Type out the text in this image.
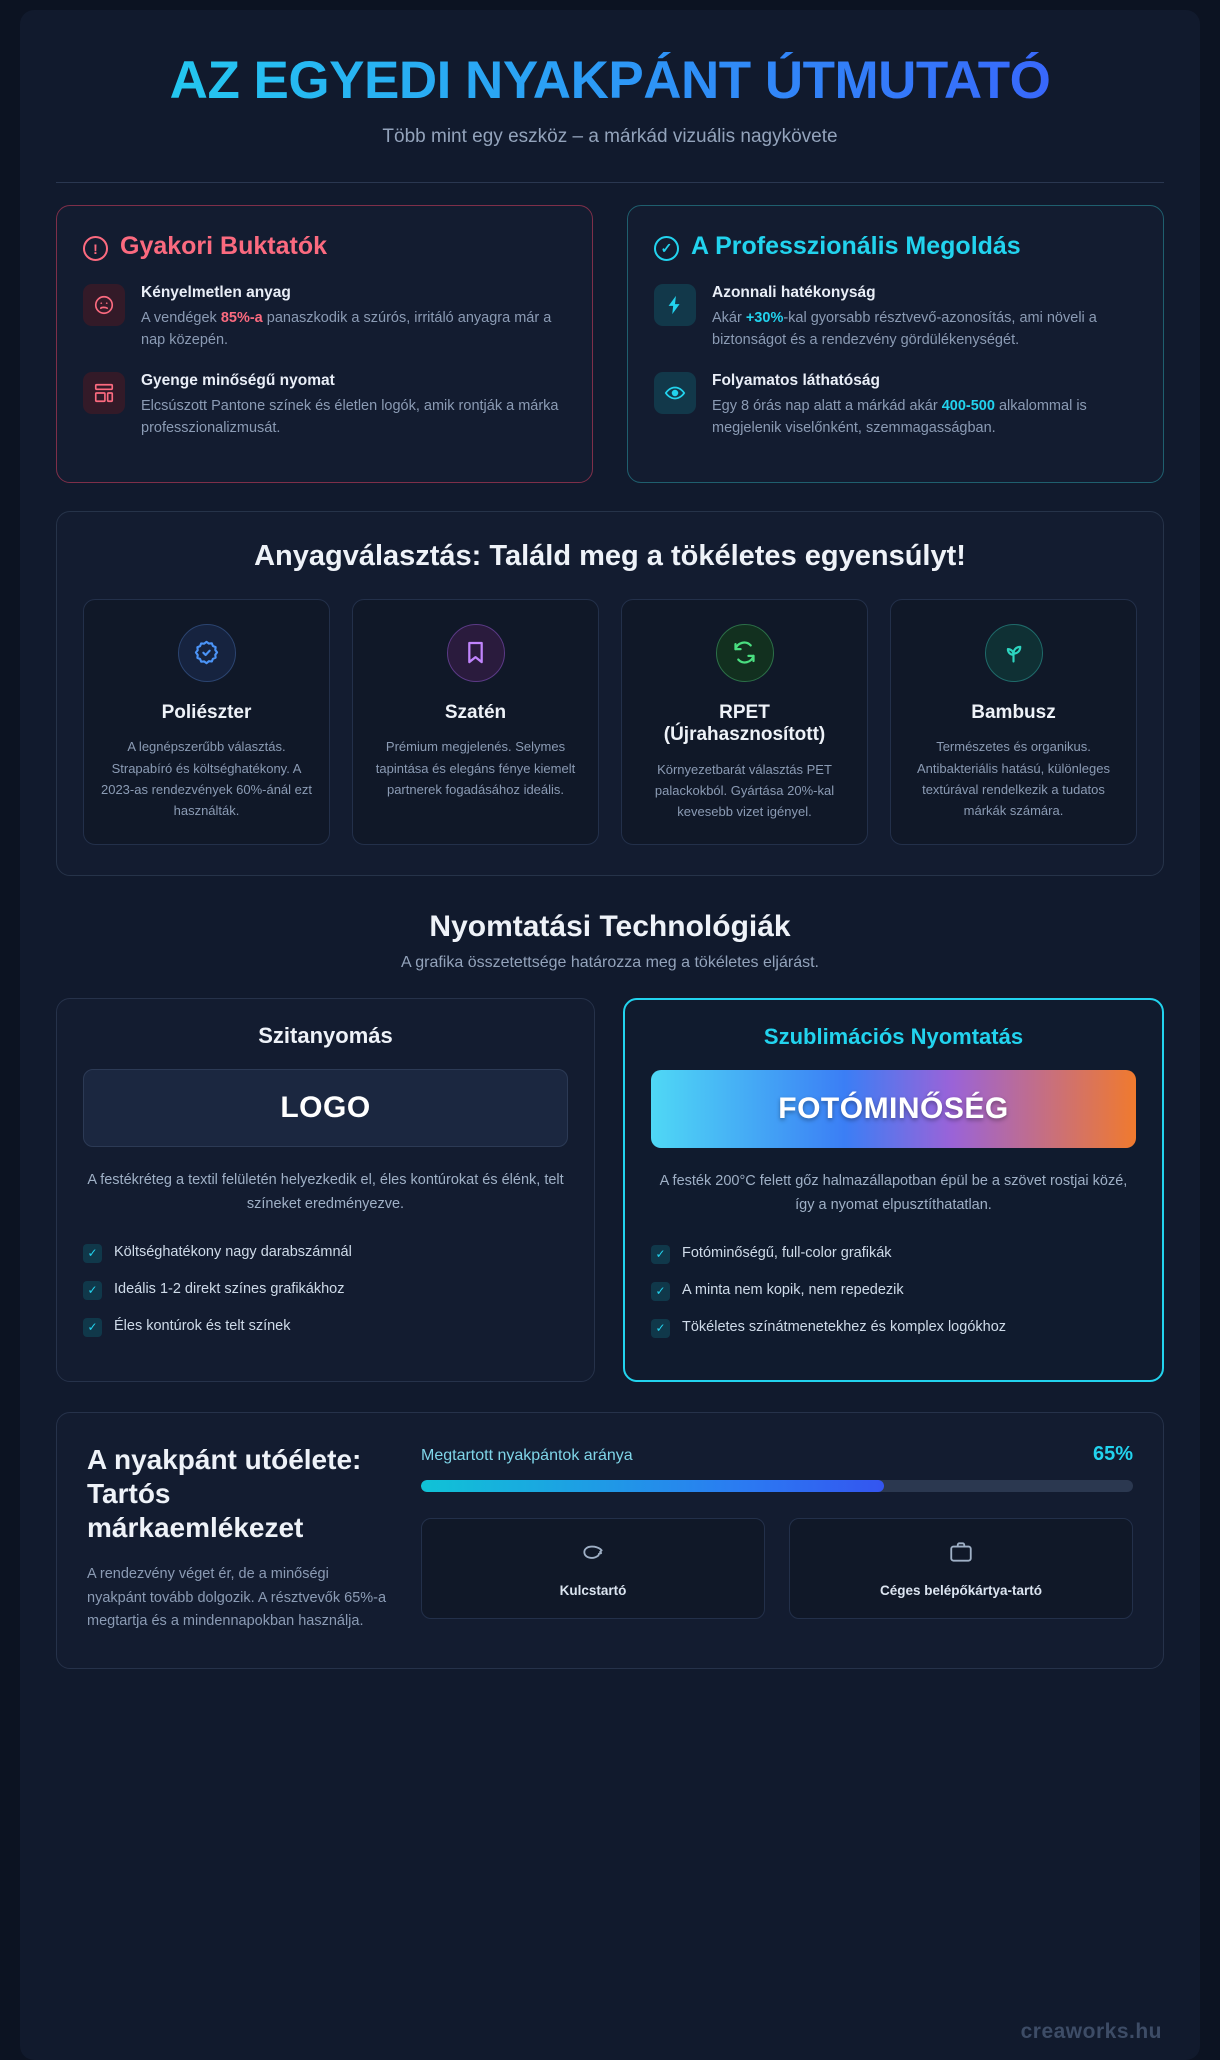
AZ EGYEDI NYAKPÁNT ÚTMUTATÓ
Több mint egy eszköz – a márkád vizuális nagykövete
! Gyakori Buktatók
Kényelmetlen anyag

A vendégek 85%-a panaszkodik a szúrós, irritáló anyagra már a nap közepén.

Gyenge minőségű nyomat

Elcsúszott Pantone színek és életlen logók, amik rontják a márka professzionalizmusát.

✓ A Professzionális Megoldás
Azonnali hatékonyság

Akár +30%-kal gyorsabb résztvevő-azonosítás, ami növeli a biztonságot és a rendezvény gördülékenységét.

Folyamatos láthatóság

Egy 8 órás nap alatt a márkád akár 400-500 alkalommal is megjelenik viselőnként, szemmagasságban.

Anyagválasztás: Találd meg a tökéletes egyensúlyt!
Poliészter

A legnépszerűbb választás. Strapabíró és költséghatékony. A 2023-as rendezvények 60%-ánál ezt használták.

Szatén

Prémium megjelenés. Selymes tapintása és elegáns fénye kiemelt partnerek fogadásához ideális.

RPET (Újrahasznosított)

Környezetbarát választás PET palackokból. Gyártása 20%-kal kevesebb vizet igényel.

Bambusz

Természetes és organikus. Antibakteriális hatású, különleges textúrával rendelkezik a tudatos márkák számára.

Nyomtatási Technológiák

A grafika összetettsége határozza meg a tökéletes eljárást.

Szitanyomás
LOGO
A festékréteg a textil felületén helyezkedik el, éles kontúrokat és élénk, telt színeket eredményezve.
✓	Költséghatékony nagy darabszámnál
✓	Ideális 1-2 direkt színes grafikákhoz
✓	Éles kontúrok és telt színek
Szublimációs Nyomtatás
FOTÓMINŐSÉG
A festék 200°C felett gőz halmazállapotban épül be a szövet rostjai közé, így a nyomat elpusztíthatatlan.
✓	Fotóminőségű, full-color grafikák
✓	A minta nem kopik, nem repedezik
✓	Tökéletes színátmenetekhez és komplex logókhoz
A nyakpánt utóélete: Tartós márkaemlékezet

A rendezvény véget ér, de a minőségi nyakpánt tovább dolgozik. A résztvevők 65%-a megtartja és a mindennapokban használja.

Megtartott nyakpántok aránya	65%
Kulcstartó	Céges belépőkártya-tartó
creaworks.hu
